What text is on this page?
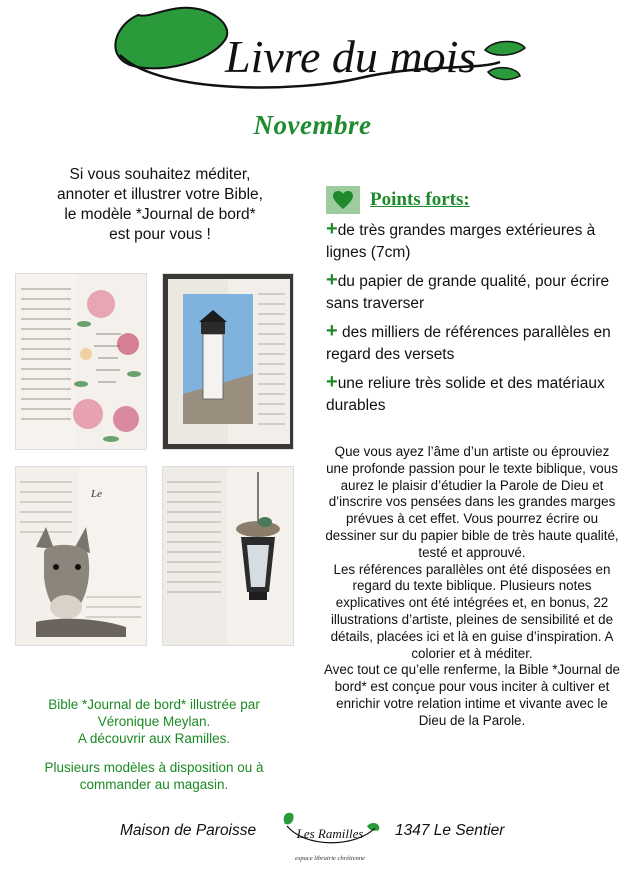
Livre du mois
Novembre
Si vous souhaitez méditer,
annoter et illustrer votre Bible,
le modèle *Journal de bord*
est pour vous !
Le

Bible *Journal de bord* illustrée par

Véronique Meylan.

A découvrir aux Ramilles.

Plusieurs modèles à disposition ou à

commander au magasin.

Points forts:
+de très grandes marges extérieures à lignes (7cm)
+du papier de grande qualité, pour écrire sans traverser
+ des milliers de références parallèles en regard des versets
+une reliure très solide et des matériaux durables

Que vous ayez l’âme d’un artiste ou éprouviez une profonde passion pour le texte biblique, vous aurez le plaisir d’étudier la Parole de Dieu et d’inscrire vos pensées dans les grandes marges prévues à cet effet. Vous pourrez écrire ou dessiner sur du papier bible de très haute qualité, testé et approuvé.

Les références parallèles ont été disposées en regard du texte biblique. Plusieurs notes explicatives ont été intégrées et, en bonus, 22 illustrations d’artiste, pleines de sensibilité et de détails, placées ici et là en guise d’inspiration. A colorier et à méditer.

Avec tout ce qu’elle renferme, la Bible *Journal de bord* est conçue pour vous inciter à cultiver et enrichir votre relation intime et vivante avec le Dieu de la Parole.

Maison de Paroisse	Les Ramilles
espace librairie chrétienne
1347 Le Sentier
